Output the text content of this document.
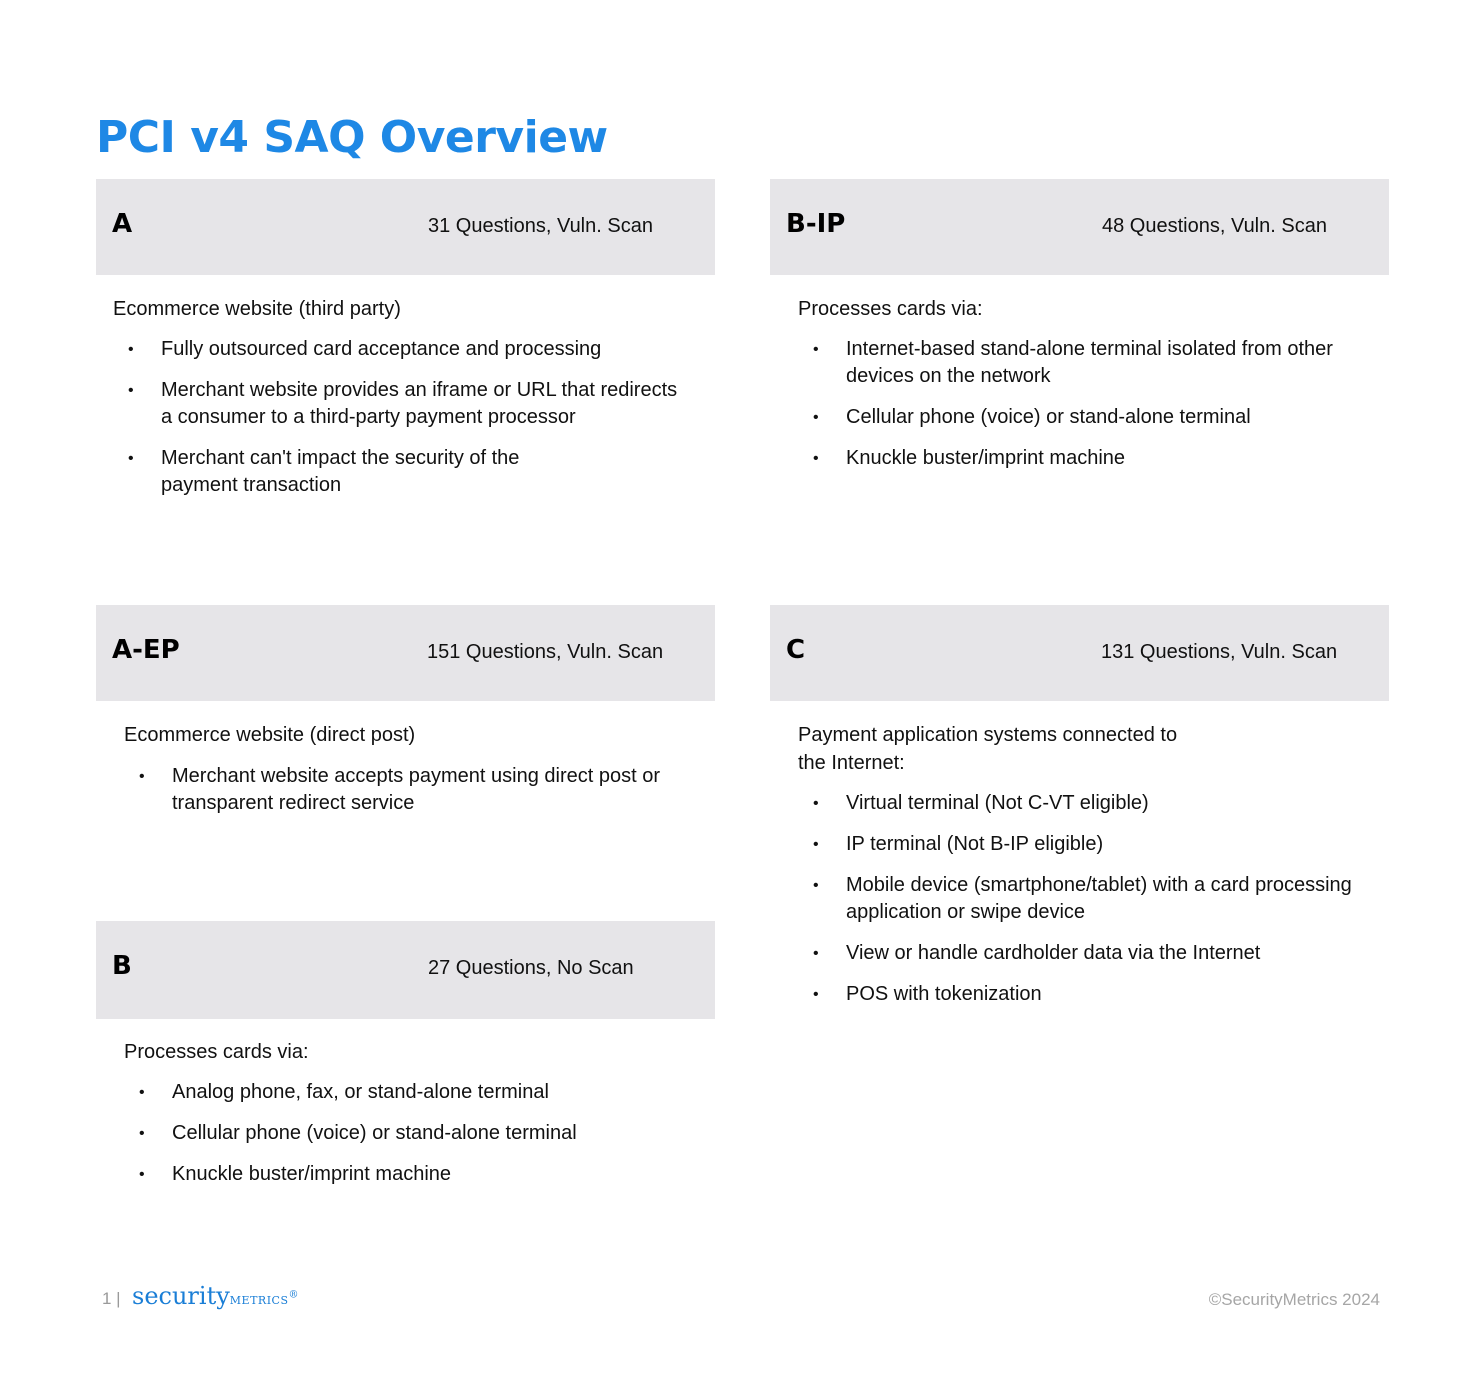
PCI v4 SAQ Overview
A	31 Questions, Vuln. Scan

Ecommerce website (third party)

• Fully outsourced card acceptance and processing
• Merchant website provides an iframe or URL that redirects a consumer to a third-party payment processor
• Merchant can't impact the security of the payment transaction
B-IP	48 Questions, Vuln. Scan

Processes cards via:

• Internet-based stand-alone terminal isolated from other devices on the network
• Cellular phone (voice) or stand-alone terminal
• Knuckle buster/imprint machine
A-EP	151 Questions, Vuln. Scan

Ecommerce website (direct post)

• Merchant website accepts payment using direct post or transparent redirect service
C	131 Questions, Vuln. Scan

Payment application systems connected to the Internet:

• Virtual terminal (Not C-VT eligible)
• IP terminal (Not B-IP eligible)
• Mobile device (smartphone/tablet) with a card processing application or swipe device
• View or handle cardholder data via the Internet
• POS with tokenization
B	27 Questions, No Scan

Processes cards via:

• Analog phone, fax, or stand-alone terminal
• Cellular phone (voice) or stand-alone terminal
• Knuckle buster/imprint machine
1 | securitymetrics®	©SecurityMetrics 2024
